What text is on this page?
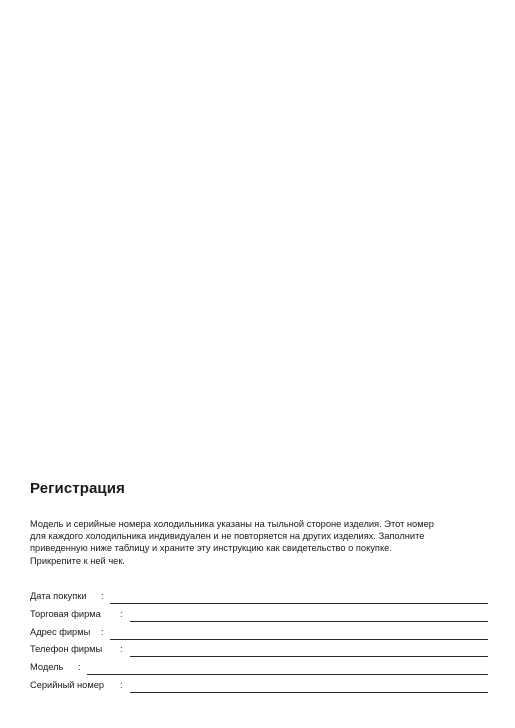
Регистрация
Модель и серийные номера холодильника указаны на тыльной стороне изделия. Этот номер
для каждого холодильника индивидуален и не повторяется на других изделиях. Заполните
приведенную ниже таблицу и храните эту инструкцию как свидетельство о покупке.
Прикрепите к ней чек.
Дата покупки :
Торговая фирма :
Адрес фирмы :
Телефон фирмы :
Модель :
Серийный номер :
